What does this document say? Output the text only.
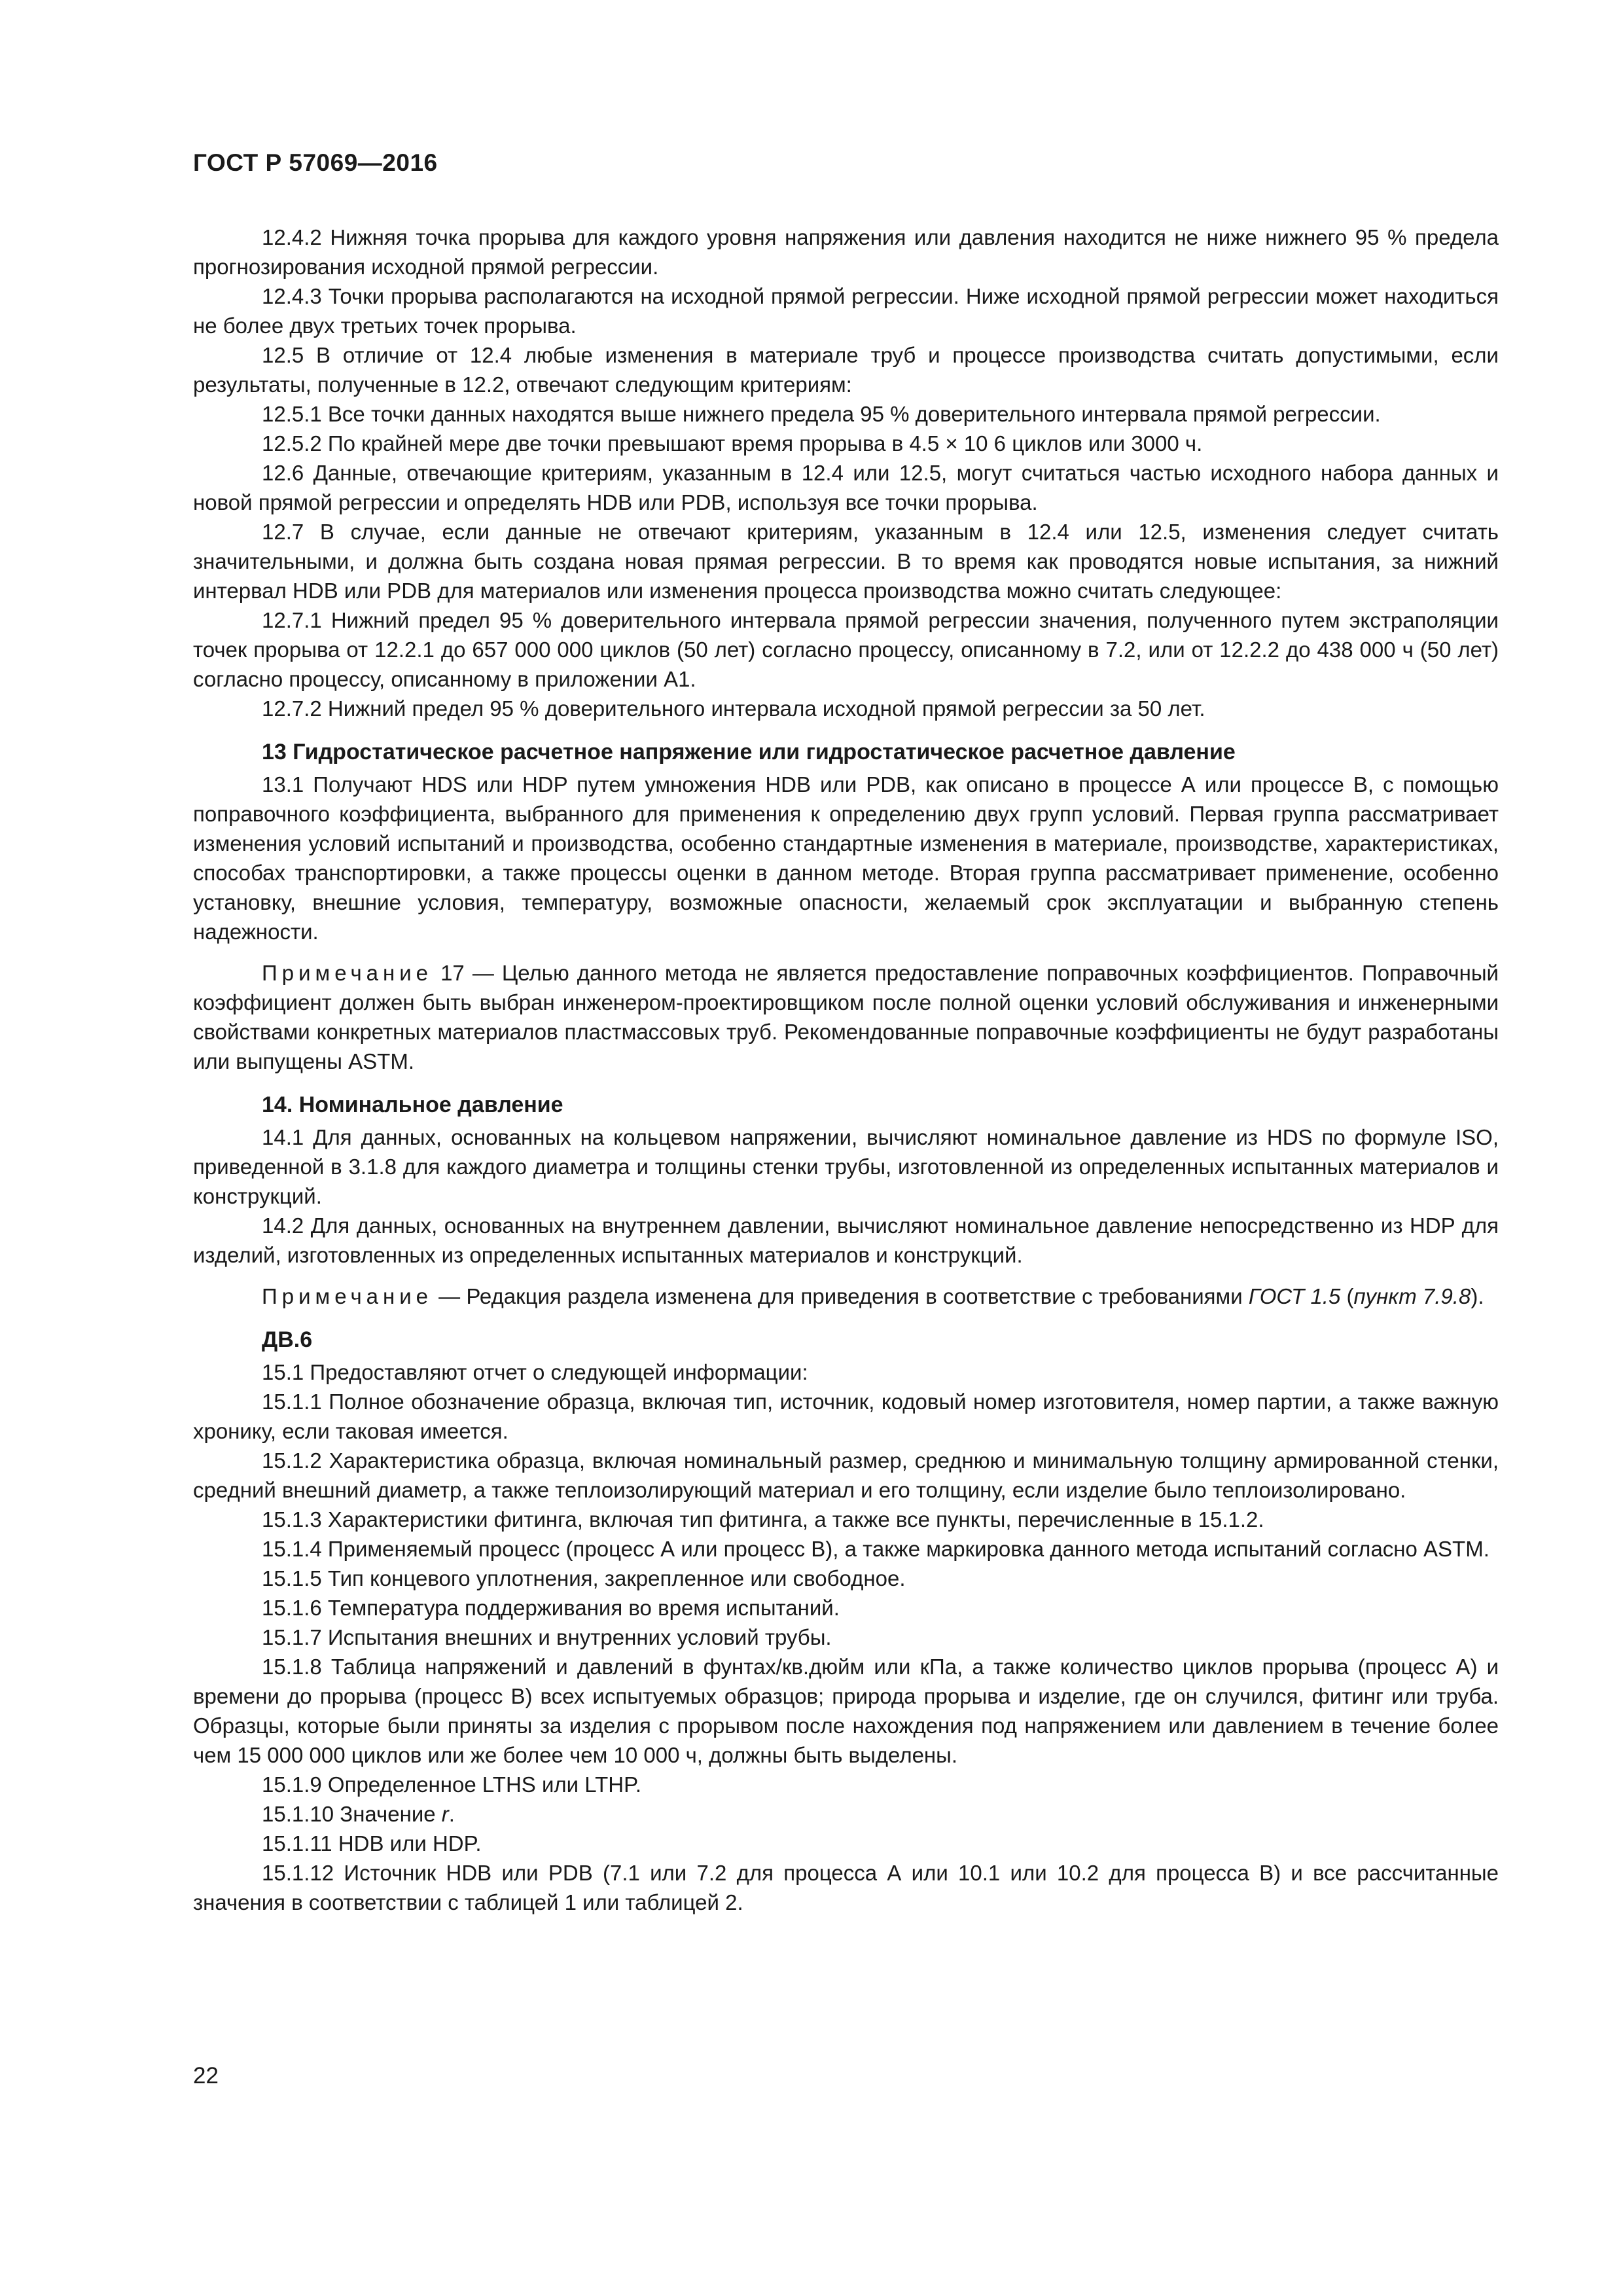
ГОСТ Р 57069—2016

12.4.2 Нижняя точка прорыва для каждого уровня напряжения или давления находится не ниже нижнего 95 % предела прогнозирования исходной прямой регрессии.

12.4.3 Точки прорыва располагаются на исходной прямой регрессии. Ниже исходной прямой регрессии может находиться не более двух третьих точек прорыва.

12.5 В отличие от 12.4 любые изменения в материале труб и процессе производства считать допустимыми, если результаты, полученные в 12.2, отвечают следующим критериям:

12.5.1 Все точки данных находятся выше нижнего предела 95 % доверительного интервала прямой регрессии.

12.5.2 По крайней мере две точки превышают время прорыва в 4.5 × 10 6 циклов или 3000 ч.

12.6 Данные, отвечающие критериям, указанным в 12.4 или 12.5, могут считаться частью исходного набора данных и новой прямой регрессии и определять HDB или PDB, используя все точки прорыва.

12.7 В случае, если данные не отвечают критериям, указанным в 12.4 или 12.5, изменения следует считать значительными, и должна быть создана новая прямая регрессии. В то время как проводятся новые испытания, за нижний интервал HDB или PDB для материалов или изменения процесса производства можно считать следующее:

12.7.1 Нижний предел 95 % доверительного интервала прямой регрессии значения, полученного путем экстраполяции точек прорыва от 12.2.1 до 657 000 000 циклов (50 лет) согласно процессу, описанному в 7.2, или от 12.2.2 до 438 000 ч (50 лет) согласно процессу, описанному в приложении А1.

12.7.2 Нижний предел 95 % доверительного интервала исходной прямой регрессии за 50 лет.

13 Гидростатическое расчетное напряжение или гидростатическое расчетное давление

13.1 Получают HDS или HDP путем умножения HDB или PDB, как описано в процессе А или процессе В, с помощью поправочного коэффициента, выбранного для применения к определению двух групп условий. Первая группа рассматривает изменения условий испытаний и производства, особенно стандартные изменения в материале, производстве, характеристиках, способах транспортировки, а также процессы оценки в данном методе. Вторая группа рассматривает применение, особенно установку, внешние условия, температуру, возможные опасности, желаемый срок эксплуатации и выбранную степень надежности.

Примечание 17 — Целью данного метода не является предоставление поправочных коэффициентов. Поправочный коэффициент должен быть выбран инженером-проектировщиком после полной оценки условий обслуживания и инженерными свойствами конкретных материалов пластмассовых труб. Рекомендованные поправочные коэффициенты не будут разработаны или выпущены ASTM.

14. Номинальное давление

14.1 Для данных, основанных на кольцевом напряжении, вычисляют номинальное давление из HDS по формуле ISO, приведенной в 3.1.8 для каждого диаметра и толщины стенки трубы, изготовленной из определенных испытанных материалов и конструкций.

14.2 Для данных, основанных на внутреннем давлении, вычисляют номинальное давление непосредственно из HDP для изделий, изготовленных из определенных испытанных материалов и конструкций.

Примечание — Редакция раздела изменена для приведения в соответствие с требованиями ГОСТ 1.5 (пункт 7.9.8).

ДВ.6

15.1 Предоставляют отчет о следующей информации:

15.1.1 Полное обозначение образца, включая тип, источник, кодовый номер изготовителя, номер партии, а также важную хронику, если таковая имеется.

15.1.2 Характеристика образца, включая номинальный размер, среднюю и минимальную толщину армированной стенки, средний внешний диаметр, а также теплоизолирующий материал и его толщину, если изделие было теплоизолировано.

15.1.3 Характеристики фитинга, включая тип фитинга, а также все пункты, перечисленные в 15.1.2.

15.1.4 Применяемый процесс (процесс А или процесс В), а также маркировка данного метода испытаний согласно ASTM.

15.1.5 Тип концевого уплотнения, закрепленное или свободное.

15.1.6 Температура поддерживания во время испытаний.

15.1.7 Испытания внешних и внутренних условий трубы.

15.1.8 Таблица напряжений и давлений в фунтах/кв.дюйм или кПа, а также количество циклов прорыва (процесс А) и времени до прорыва (процесс В) всех испытуемых образцов; природа прорыва и изделие, где он случился, фитинг или труба. Образцы, которые были приняты за изделия с прорывом после нахождения под напряжением или давлением в течение более чем 15 000 000 циклов или же более чем 10 000 ч, должны быть выделены.

15.1.9 Определенное LTHS или LTHP.

15.1.10 Значение r.

15.1.11 HDB или HDP.

15.1.12 Источник HDB или PDB (7.1 или 7.2 для процесса А или 10.1 или 10.2 для процесса В) и все рассчитанные значения в соответствии с таблицей 1 или таблицей 2.

22
